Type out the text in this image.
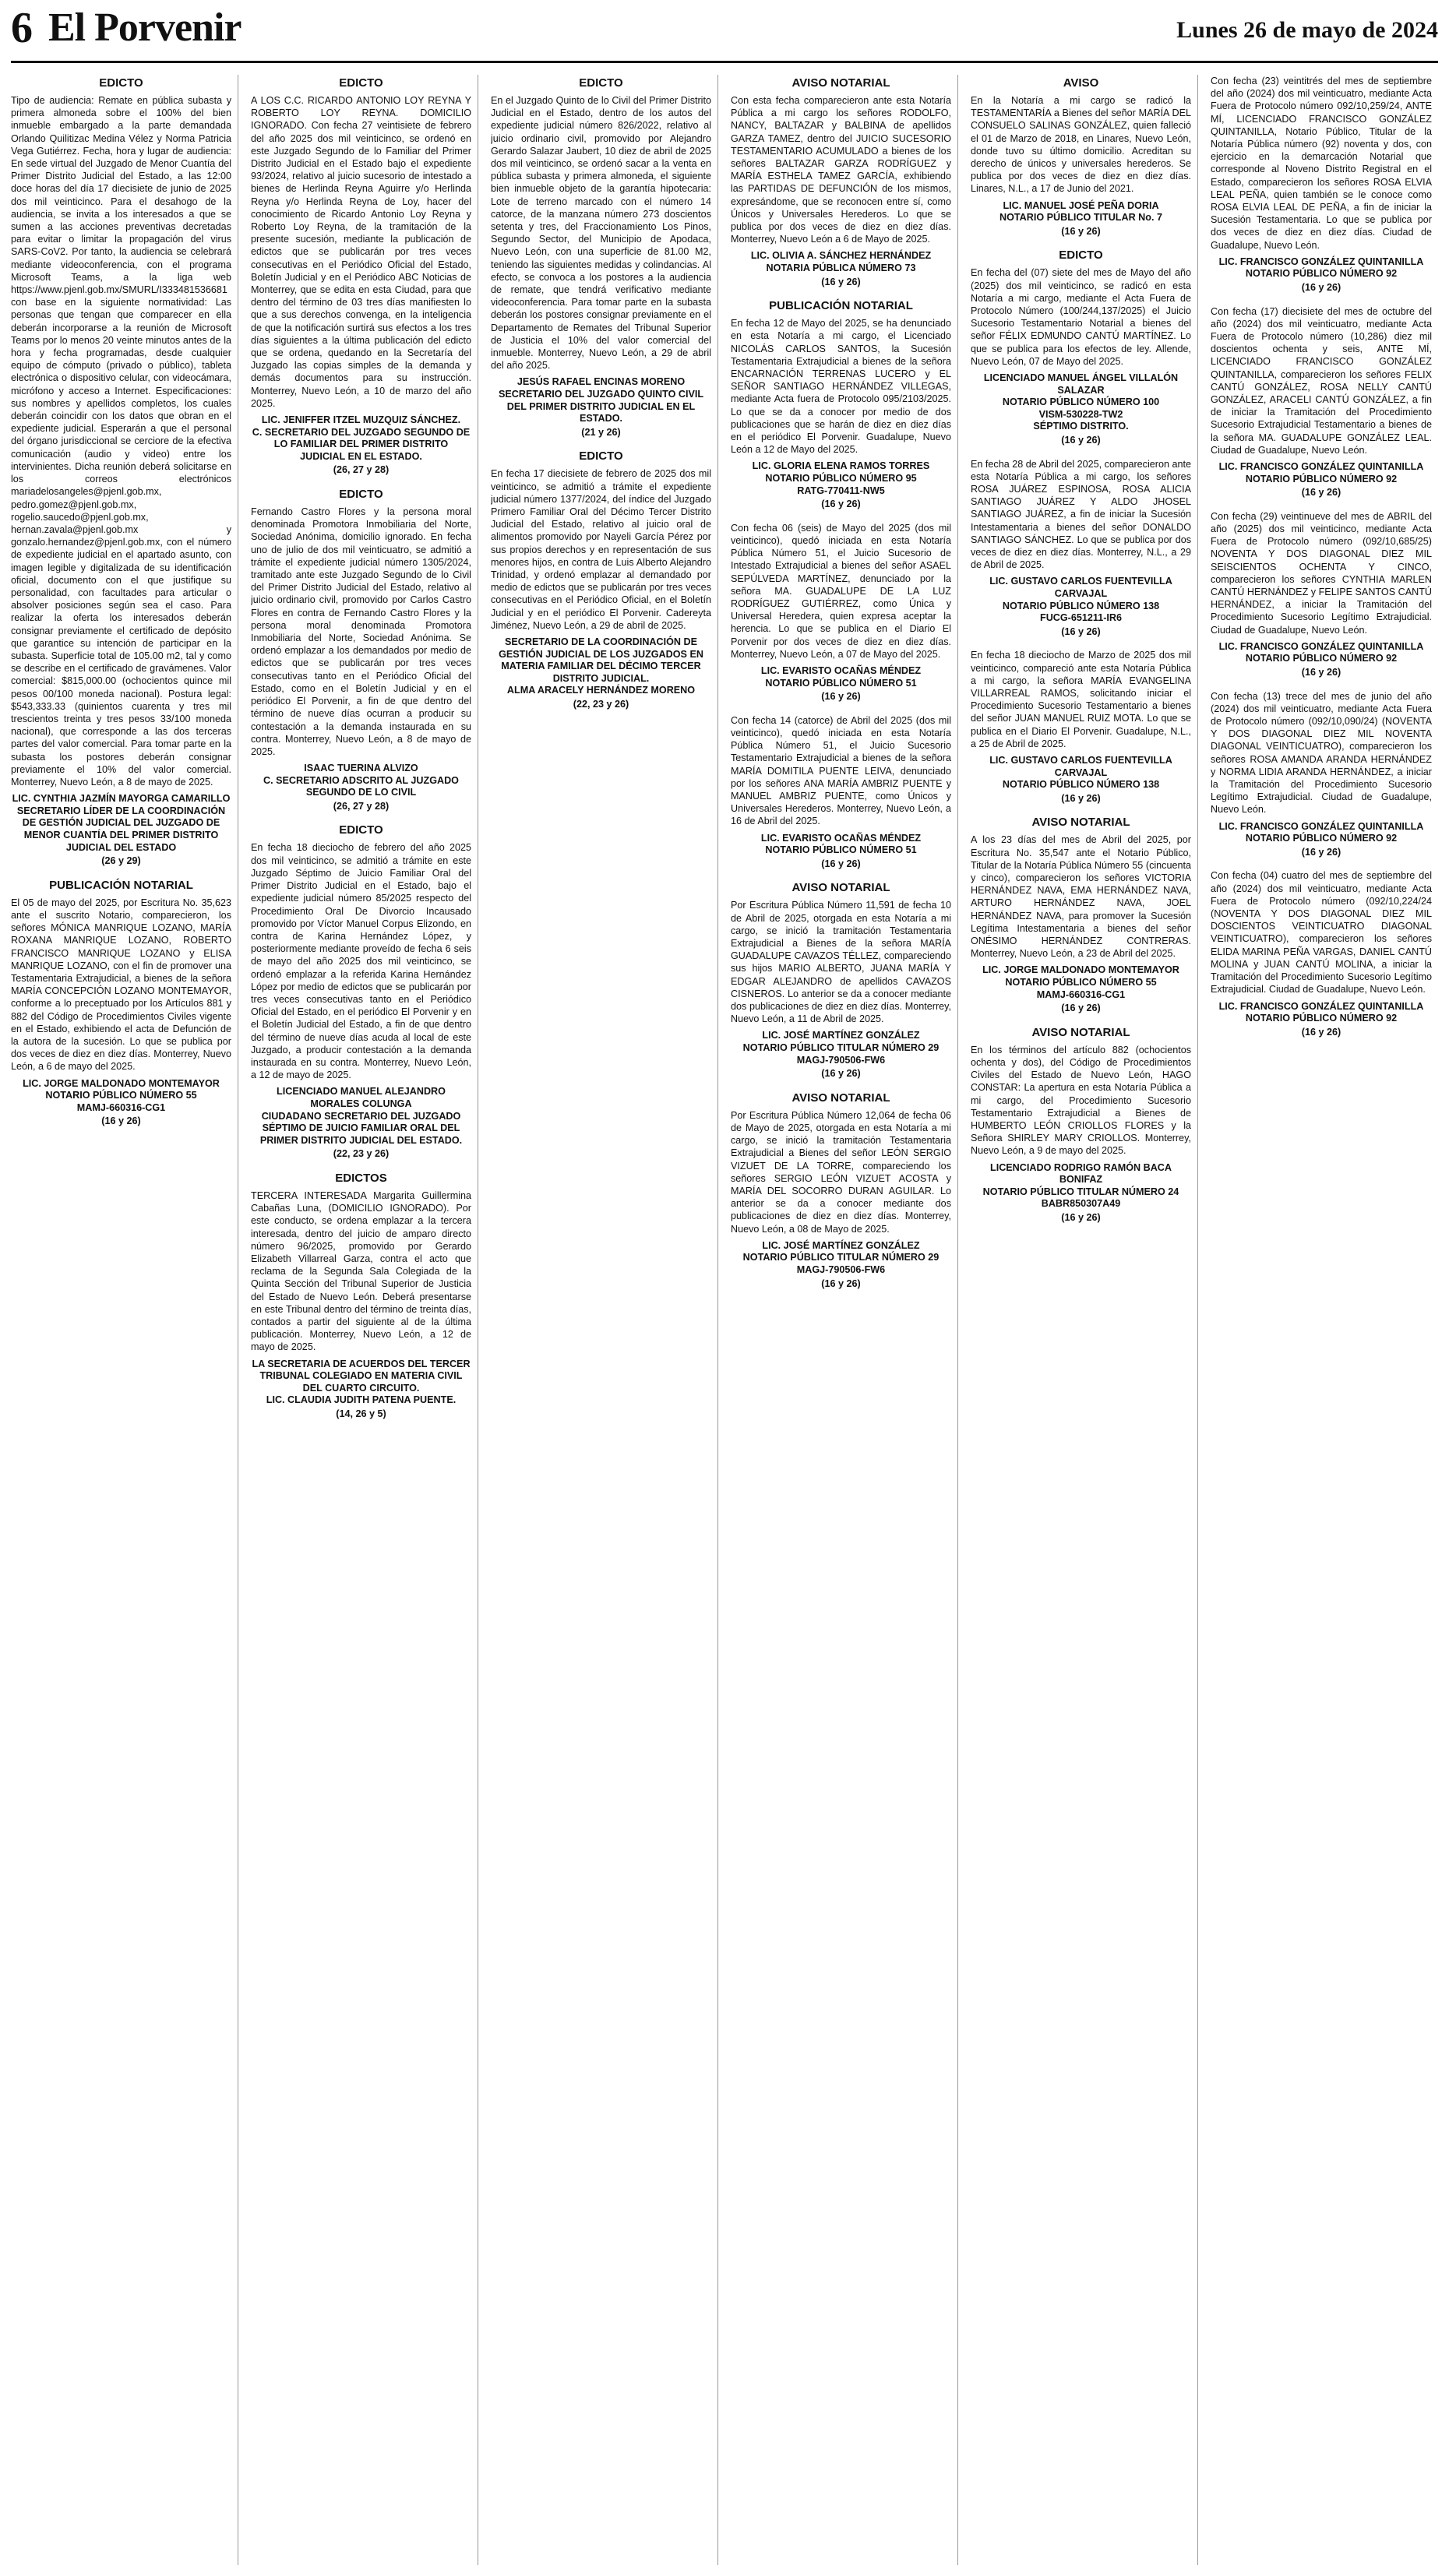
6 El Porvenir	Lunes 26 de mayo de 2024
EDICTO

Tipo de audiencia: Remate en pública subasta y primera almoneda sobre el 100% del bien inmueble embargado a la parte demandada Orlando Quilitizac Medina Vélez y Norma Patricia Vega Gutiérrez. Fecha, hora y lugar de audiencia: En sede virtual del Juzgado de Menor Cuantía del Primer Distrito Judicial del Estado, a las 12:00 doce horas del día 17 diecisiete de junio de 2025 dos mil veinticinco. Para el desahogo de la audiencia, se invita a los interesados a que se sumen a las acciones preventivas decretadas para evitar o limitar la propagación del virus SARS-CoV2. Por tanto, la audiencia se celebrará mediante videoconferencia, con el programa Microsoft Teams, a la liga web https://www.pjenl.gob.mx/SMURL/I333481536681 con base en la siguiente normatividad: Las personas que tengan que comparecer en ella deberán incorporarse a la reunión de Microsoft Teams por lo menos 20 veinte minutos antes de la hora y fecha programadas, desde cualquier equipo de cómputo (privado o público), tableta electrónica o dispositivo celular, con videocámara, micrófono y acceso a Internet. Especificaciones: sus nombres y apellidos completos, los cuales deberán coincidir con los datos que obran en el expediente judicial. Esperarán a que el personal del órgano jurisdiccional se cerciore de la efectiva comunicación (audio y video) entre los intervinientes. Dicha reunión deberá solicitarse en los correos electrónicos mariadelosangeles@pjenl.gob.mx, pedro.gomez@pjenl.gob.mx, rogelio.saucedo@pjenl.gob.mx, hernan.zavala@pjenl.gob.mx y gonzalo.hernandez@pjenl.gob.mx, con el número de expediente judicial en el apartado asunto, con imagen legible y digitalizada de su identificación oficial, documento con el que justifique su personalidad, con facultades para articular o absolver posiciones según sea el caso. Para realizar la oferta los interesados deberán consignar previamente el certificado de depósito que garantice su intención de participar en la subasta. Superficie total de 105.00 m2, tal y como se describe en el certificado de gravámenes. Valor comercial: $815,000.00 (ochocientos quince mil pesos 00/100 moneda nacional). Postura legal: $543,333.33 (quinientos cuarenta y tres mil trescientos treinta y tres pesos 33/100 moneda nacional), que corresponde a las dos terceras partes del valor comercial. Para tomar parte en la subasta los postores deberán consignar previamente el 10% del valor comercial. Monterrey, Nuevo León, a 8 de mayo de 2025.

LIC. CYNTHIA JAZMÍN MAYORGA CAMARILLO

SECRETARIO LÍDER DE LA COORDINACIÓN DE GESTIÓN JUDICIAL DEL JUZGADO DE MENOR CUANTÍA DEL PRIMER DISTRITO JUDICIAL DEL ESTADO

(26 y 29)

PUBLICACIÓN NOTARIAL

El 05 de mayo del 2025, por Escritura No. 35,623 ante el suscrito Notario, comparecieron, los señores MÓNICA MANRIQUE LOZANO, MARÍA ROXANA MANRIQUE LOZANO, ROBERTO FRANCISCO MANRIQUE LOZANO y ELISA MANRIQUE LOZANO, con el fin de promover una Testamentaria Extrajudicial, a bienes de la señora MARÍA CONCEPCIÓN LOZANO MONTEMAYOR, conforme a lo preceptuado por los Artículos 881 y 882 del Código de Procedimientos Civiles vigente en el Estado, exhibiendo el acta de Defunción de la autora de la sucesión. Lo que se publica por dos veces de diez en diez días. Monterrey, Nuevo León, a 6 de mayo del 2025.

LIC. JORGE MALDONADO MONTEMAYOR

NOTARIO PÚBLICO NÚMERO 55

MAMJ-660316-CG1

(16 y 26)

EDICTO

A LOS C.C. RICARDO ANTONIO LOY REYNA Y ROBERTO LOY REYNA. DOMICILIO IGNORADO. Con fecha 27 veintisiete de febrero del año 2025 dos mil veinticinco, se ordenó en este Juzgado Segundo de lo Familiar del Primer Distrito Judicial en el Estado bajo el expediente 93/2024, relativo al juicio sucesorio de intestado a bienes de Herlinda Reyna Aguirre y/o Herlinda Reyna y/o Herlinda Reyna de Loy, hacer del conocimiento de Ricardo Antonio Loy Reyna y Roberto Loy Reyna, de la tramitación de la presente sucesión, mediante la publicación de edictos que se publicarán por tres veces consecutivas en el Periódico Oficial del Estado, Boletín Judicial y en el Periódico ABC Noticias de Monterrey, que se edita en esta Ciudad, para que dentro del término de 03 tres días manifiesten lo que a sus derechos convenga, en la inteligencia de que la notificación surtirá sus efectos a los tres días siguientes a la última publicación del edicto que se ordena, quedando en la Secretaría del Juzgado las copias simples de la demanda y demás documentos para su instrucción. Monterrey, Nuevo León, a 10 de marzo del año 2025.

LIC. JENIFFER ITZEL MUZQUIZ SÁNCHEZ.

C. SECRETARIO DEL JUZGADO SEGUNDO DE LO FAMILIAR DEL PRIMER DISTRITO JUDICIAL EN EL ESTADO.

(26, 27 y 28)

EDICTO

Fernando Castro Flores y la persona moral denominada Promotora Inmobiliaria del Norte, Sociedad Anónima, domicilio ignorado. En fecha uno de julio de dos mil veinticuatro, se admitió a trámite el expediente judicial número 1305/2024, tramitado ante este Juzgado Segundo de lo Civil del Primer Distrito Judicial del Estado, relativo al juicio ordinario civil, promovido por Carlos Castro Flores en contra de Fernando Castro Flores y la persona moral denominada Promotora Inmobiliaria del Norte, Sociedad Anónima. Se ordenó emplazar a los demandados por medio de edictos que se publicarán por tres veces consecutivas tanto en el Periódico Oficial del Estado, como en el Boletín Judicial y en el periódico El Porvenir, a fin de que dentro del término de nueve días ocurran a producir su contestación a la demanda instaurada en su contra. Monterrey, Nuevo León, a 8 de mayo de 2025.

ISAAC TUERINA ALVIZO

C. SECRETARIO ADSCRITO AL JUZGADO SEGUNDO DE LO CIVIL

(26, 27 y 28)

EDICTO

En fecha 18 dieciocho de febrero del año 2025 dos mil veinticinco, se admitió a trámite en este Juzgado Séptimo de Juicio Familiar Oral del Primer Distrito Judicial en el Estado, bajo el expediente judicial número 85/2025 respecto del Procedimiento Oral De Divorcio Incausado promovido por Víctor Manuel Corpus Elizondo, en contra de Karina Hernández López, y posteriormente mediante proveído de fecha 6 seis de mayo del año 2025 dos mil veinticinco, se ordenó emplazar a la referida Karina Hernández López por medio de edictos que se publicarán por tres veces consecutivas tanto en el Periódico Oficial del Estado, en el periódico El Porvenir y en el Boletín Judicial del Estado, a fin de que dentro del término de nueve días acuda al local de este Juzgado, a producir contestación a la demanda instaurada en su contra. Monterrey, Nuevo León, a 12 de mayo de 2025.

LICENCIADO MANUEL ALEJANDRO MORALES COLUNGA

CIUDADANO SECRETARIO DEL JUZGADO SÉPTIMO DE JUICIO FAMILIAR ORAL DEL PRIMER DISTRITO JUDICIAL DEL ESTADO.

(22, 23 y 26)

EDICTOS

TERCERA INTERESADA Margarita Guillermina Cabañas Luna, (DOMICILIO IGNORADO). Por este conducto, se ordena emplazar a la tercera interesada, dentro del juicio de amparo directo número 96/2025, promovido por Gerardo Elizabeth Villarreal Garza, contra el acto que reclama de la Segunda Sala Colegiada de la Quinta Sección del Tribunal Superior de Justicia del Estado de Nuevo León. Deberá presentarse en este Tribunal dentro del término de treinta días, contados a partir del siguiente al de la última publicación. Monterrey, Nuevo León, a 12 de mayo de 2025.

LA SECRETARIA DE ACUERDOS DEL TERCER TRIBUNAL COLEGIADO EN MATERIA CIVIL DEL CUARTO CIRCUITO.

LIC. CLAUDIA JUDITH PATENA PUENTE.

(14, 26 y 5)

EDICTO

En el Juzgado Quinto de lo Civil del Primer Distrito Judicial en el Estado, dentro de los autos del expediente judicial número 826/2022, relativo al juicio ordinario civil, promovido por Alejandro Gerardo Salazar Jaubert, 10 diez de abril de 2025 dos mil veinticinco, se ordenó sacar a la venta en pública subasta y primera almoneda, el siguiente bien inmueble objeto de la garantía hipotecaria: Lote de terreno marcado con el número 14 catorce, de la manzana número 273 doscientos setenta y tres, del Fraccionamiento Los Pinos, Segundo Sector, del Municipio de Apodaca, Nuevo León, con una superficie de 81.00 M2, teniendo las siguientes medidas y colindancias. Al efecto, se convoca a los postores a la audiencia de remate, que tendrá verificativo mediante videoconferencia. Para tomar parte en la subasta deberán los postores consignar previamente en el Departamento de Remates del Tribunal Superior de Justicia el 10% del valor comercial del inmueble. Monterrey, Nuevo León, a 29 de abril del año 2025.

JESÚS RAFAEL ENCINAS MORENO

SECRETARIO DEL JUZGADO QUINTO CIVIL DEL PRIMER DISTRITO JUDICIAL EN EL ESTADO.

(21 y 26)

EDICTO

En fecha 17 diecisiete de febrero de 2025 dos mil veinticinco, se admitió a trámite el expediente judicial número 1377/2024, del índice del Juzgado Primero Familiar Oral del Décimo Tercer Distrito Judicial del Estado, relativo al juicio oral de alimentos promovido por Nayeli García Pérez por sus propios derechos y en representación de sus menores hijos, en contra de Luis Alberto Alejandro Trinidad, y ordenó emplazar al demandado por medio de edictos que se publicarán por tres veces consecutivas en el Periódico Oficial, en el Boletín Judicial y en el periódico El Porvenir. Cadereyta Jiménez, Nuevo León, a 29 de abril de 2025.

SECRETARIO DE LA COORDINACIÓN DE GESTIÓN JUDICIAL DE LOS JUZGADOS EN MATERIA FAMILIAR DEL DÉCIMO TERCER DISTRITO JUDICIAL.

ALMA ARACELY HERNÁNDEZ MORENO

(22, 23 y 26)

AVISO NOTARIAL

Con esta fecha comparecieron ante esta Notaría Pública a mi cargo los señores RODOLFO, NANCY, BALTAZAR y BALBINA de apellidos GARZA TAMEZ, dentro del JUICIO SUCESORIO TESTAMENTARIO ACUMULADO a bienes de los señores BALTAZAR GARZA RODRÍGUEZ y MARÍA ESTHELA TAMEZ GARCÍA, exhibiendo las PARTIDAS DE DEFUNCIÓN de los mismos, expresándome, que se reconocen entre sí, como Únicos y Universales Herederos. Lo que se publica por dos veces de diez en diez días. Monterrey, Nuevo León a 6 de Mayo de 2025.

LIC. OLIVIA A. SÁNCHEZ HERNÁNDEZ

NOTARIA PÚBLICA NÚMERO 73

(16 y 26)

PUBLICACIÓN NOTARIAL

En fecha 12 de Mayo del 2025, se ha denunciado en esta Notaría a mi cargo, el Licenciado NICOLÁS CARLOS SANTOS, la Sucesión Testamentaria Extrajudicial a bienes de la señora ENCARNACIÓN TERRENAS LUCERO y EL SEÑOR SANTIAGO HERNÁNDEZ VILLEGAS, mediante Acta fuera de Protocolo 095/2103/2025. Lo que se da a conocer por medio de dos publicaciones que se harán de diez en diez días en el periódico El Porvenir. Guadalupe, Nuevo León a 12 de Mayo del 2025.

LIC. GLORIA ELENA RAMOS TORRES

NOTARIO PÚBLICO NÚMERO 95

RATG-770411-NW5

(16 y 26)

Con fecha 06 (seis) de Mayo del 2025 (dos mil veinticinco), quedó iniciada en esta Notaría Pública Número 51, el Juicio Sucesorio de Intestado Extrajudicial a bienes del señor ASAEL SEPÚLVEDA MARTÍNEZ, denunciado por la señora MA. GUADALUPE DE LA LUZ RODRÍGUEZ GUTIÉRREZ, como Única y Universal Heredera, quien expresa aceptar la herencia. Lo que se publica en el Diario El Porvenir por dos veces de diez en diez días. Monterrey, Nuevo León, a 07 de Mayo del 2025.

LIC. EVARISTO OCAÑAS MÉNDEZ

NOTARIO PÚBLICO NÚMERO 51

(16 y 26)

Con fecha 14 (catorce) de Abril del 2025 (dos mil veinticinco), quedó iniciada en esta Notaría Pública Número 51, el Juicio Sucesorio Testamentario Extrajudicial a bienes de la señora MARÍA DOMITILA PUENTE LEIVA, denunciado por los señores ANA MARÍA AMBRIZ PUENTE y MANUEL AMBRIZ PUENTE, como Únicos y Universales Herederos. Monterrey, Nuevo León, a 16 de Abril del 2025.

LIC. EVARISTO OCAÑAS MÉNDEZ

NOTARIO PÚBLICO NÚMERO 51

(16 y 26)

AVISO NOTARIAL

Por Escritura Pública Número 11,591 de fecha 10 de Abril de 2025, otorgada en esta Notaría a mi cargo, se inició la tramitación Testamentaria Extrajudicial a Bienes de la señora MARÍA GUADALUPE CAVAZOS TÉLLEZ, compareciendo sus hijos MARIO ALBERTO, JUANA MARÍA Y EDGAR ALEJANDRO de apellidos CAVAZOS CISNEROS. Lo anterior se da a conocer mediante dos publicaciones de diez en diez días. Monterrey, Nuevo León, a 11 de Abril de 2025.

LIC. JOSÉ MARTÍNEZ GONZÁLEZ

NOTARIO PÚBLICO TITULAR NÚMERO 29

MAGJ-790506-FW6

(16 y 26)

AVISO NOTARIAL

Por Escritura Pública Número 12,064 de fecha 06 de Mayo de 2025, otorgada en esta Notaría a mi cargo, se inició la tramitación Testamentaria Extrajudicial a Bienes del señor LEÓN SERGIO VIZUET DE LA TORRE, compareciendo los señores SERGIO LEÓN VIZUET ACOSTA y MARÍA DEL SOCORRO DURAN AGUILAR. Lo anterior se da a conocer mediante dos publicaciones de diez en diez días. Monterrey, Nuevo León, a 08 de Mayo de 2025.

LIC. JOSÉ MARTÍNEZ GONZÁLEZ

NOTARIO PÚBLICO TITULAR NÚMERO 29

MAGJ-790506-FW6

(16 y 26)

AVISO

En la Notaría a mi cargo se radicó la TESTAMENTARÍA a Bienes del señor MARÍA DEL CONSUELO SALINAS GONZÁLEZ, quien falleció el 01 de Marzo de 2018, en Linares, Nuevo León, donde tuvo su último domicilio. Acreditan su derecho de únicos y universales herederos. Se publica por dos veces de diez en diez días. Linares, N.L., a 17 de Junio del 2021.

LIC. MANUEL JOSÉ PEÑA DORIA

NOTARIO PÚBLICO TITULAR No. 7

(16 y 26)

EDICTO

En fecha del (07) siete del mes de Mayo del año (2025) dos mil veinticinco, se radicó en esta Notaría a mi cargo, mediante el Acta Fuera de Protocolo Número (100/244,137/2025) el Juicio Sucesorio Testamentario Notarial a bienes del señor FÉLIX EDMUNDO CANTÚ MARTÍNEZ. Lo que se publica para los efectos de ley. Allende, Nuevo León, 07 de Mayo del 2025.

LICENCIADO MANUEL ÁNGEL VILLALÓN SALAZAR

NOTARIO PÚBLICO NÚMERO 100

VISM-530228-TW2

SÉPTIMO DISTRITO.

(16 y 26)

En fecha 28 de Abril del 2025, comparecieron ante esta Notaría Pública a mi cargo, los señores ROSA JUÁREZ ESPINOSA, ROSA ALICIA SANTIAGO JUÁREZ Y ALDO JHOSEL SANTIAGO JUÁREZ, a fin de iniciar la Sucesión Intestamentaria a bienes del señor DONALDO SANTIAGO SÁNCHEZ. Lo que se publica por dos veces de diez en diez días. Monterrey, N.L., a 29 de Abril de 2025.

LIC. GUSTAVO CARLOS FUENTEVILLA CARVAJAL

NOTARIO PÚBLICO NÚMERO 138

FUCG-651211-IR6

(16 y 26)

En fecha 18 dieciocho de Marzo de 2025 dos mil veinticinco, compareció ante esta Notaría Pública a mi cargo, la señora MARÍA EVANGELINA VILLARREAL RAMOS, solicitando iniciar el Procedimiento Sucesorio Testamentario a bienes del señor JUAN MANUEL RUIZ MOTA. Lo que se publica en el Diario El Porvenir. Guadalupe, N.L., a 25 de Abril de 2025.

LIC. GUSTAVO CARLOS FUENTEVILLA CARVAJAL

NOTARIO PÚBLICO NÚMERO 138

(16 y 26)

AVISO NOTARIAL

A los 23 días del mes de Abril del 2025, por Escritura No. 35,547 ante el Notario Público, Titular de la Notaría Pública Número 55 (cincuenta y cinco), comparecieron los señores VICTORIA HERNÁNDEZ NAVA, EMA HERNÁNDEZ NAVA, ARTURO HERNÁNDEZ NAVA, JOEL HERNÁNDEZ NAVA, para promover la Sucesión Legítima Intestamentaria a bienes del señor ONÉSIMO HERNÁNDEZ CONTRERAS. Monterrey, Nuevo León, a 23 de Abril del 2025.

LIC. JORGE MALDONADO MONTEMAYOR

NOTARIO PÚBLICO NÚMERO 55

MAMJ-660316-CG1

(16 y 26)

AVISO NOTARIAL

En los términos del artículo 882 (ochocientos ochenta y dos), del Código de Procedimientos Civiles del Estado de Nuevo León, HAGO CONSTAR: La apertura en esta Notaría Pública a mi cargo, del Procedimiento Sucesorio Testamentario Extrajudicial a Bienes de HUMBERTO LEÓN CRIOLLOS FLORES y la Señora SHIRLEY MARY CRIOLLOS. Monterrey, Nuevo León, a 9 de mayo del 2025.

LICENCIADO RODRIGO RAMÓN BACA BONIFAZ

NOTARIO PÚBLICO TITULAR NÚMERO 24

BABR850307A49

(16 y 26)

Con fecha (23) veintitrés del mes de septiembre del año (2024) dos mil veinticuatro, mediante Acta Fuera de Protocolo número 092/10,259/24, ANTE MÍ, LICENCIADO FRANCISCO GONZÁLEZ QUINTANILLA, Notario Público, Titular de la Notaría Pública número (92) noventa y dos, con ejercicio en la demarcación Notarial que corresponde al Noveno Distrito Registral en el Estado, comparecieron los señores ROSA ELVIA LEAL PEÑA, quien también se le conoce como ROSA ELVIA LEAL DE PEÑA, a fin de iniciar la Sucesión Testamentaria. Lo que se publica por dos veces de diez en diez días. Ciudad de Guadalupe, Nuevo León.

LIC. FRANCISCO GONZÁLEZ QUINTANILLA

NOTARIO PÚBLICO NÚMERO 92

(16 y 26)

Con fecha (17) diecisiete del mes de octubre del año (2024) dos mil veinticuatro, mediante Acta Fuera de Protocolo número (10,286) diez mil doscientos ochenta y seis, ANTE MÍ, LICENCIADO FRANCISCO GONZÁLEZ QUINTANILLA, comparecieron los señores FELIX CANTÚ GONZÁLEZ, ROSA NELLY CANTÚ GONZÁLEZ, ARACELI CANTÚ GONZÁLEZ, a fin de iniciar la Tramitación del Procedimiento Sucesorio Extrajudicial Testamentario a bienes de la señora MA. GUADALUPE GONZÁLEZ LEAL. Ciudad de Guadalupe, Nuevo León.

LIC. FRANCISCO GONZÁLEZ QUINTANILLA

NOTARIO PÚBLICO NÚMERO 92

(16 y 26)

Con fecha (29) veintinueve del mes de ABRIL del año (2025) dos mil veinticinco, mediante Acta Fuera de Protocolo número (092/10,685/25) NOVENTA Y DOS DIAGONAL DIEZ MIL SEISCIENTOS OCHENTA Y CINCO, comparecieron los señores CYNTHIA MARLEN CANTÚ HERNÁNDEZ y FELIPE SANTOS CANTÚ HERNÁNDEZ, a iniciar la Tramitación del Procedimiento Sucesorio Legítimo Extrajudicial. Ciudad de Guadalupe, Nuevo León.

LIC. FRANCISCO GONZÁLEZ QUINTANILLA

NOTARIO PÚBLICO NÚMERO 92

(16 y 26)

Con fecha (13) trece del mes de junio del año (2024) dos mil veinticuatro, mediante Acta Fuera de Protocolo número (092/10,090/24) (NOVENTA Y DOS DIAGONAL DIEZ MIL NOVENTA DIAGONAL VEINTICUATRO), comparecieron los señores ROSA AMANDA ARANDA HERNÁNDEZ y NORMA LIDIA ARANDA HERNÁNDEZ, a iniciar la Tramitación del Procedimiento Sucesorio Legítimo Extrajudicial. Ciudad de Guadalupe, Nuevo León.

LIC. FRANCISCO GONZÁLEZ QUINTANILLA

NOTARIO PÚBLICO NÚMERO 92

(16 y 26)

Con fecha (04) cuatro del mes de septiembre del año (2024) dos mil veinticuatro, mediante Acta Fuera de Protocolo número (092/10,224/24 (NOVENTA Y DOS DIAGONAL DIEZ MIL DOSCIENTOS VEINTICUATRO DIAGONAL VEINTICUATRO), comparecieron los señores ELIDA MARINA PEÑA VARGAS, DANIEL CANTÚ MOLINA y JUAN CANTÚ MOLINA, a iniciar la Tramitación del Procedimiento Sucesorio Legítimo Extrajudicial. Ciudad de Guadalupe, Nuevo León.

LIC. FRANCISCO GONZÁLEZ QUINTANILLA

NOTARIO PÚBLICO NÚMERO 92

(16 y 26)
